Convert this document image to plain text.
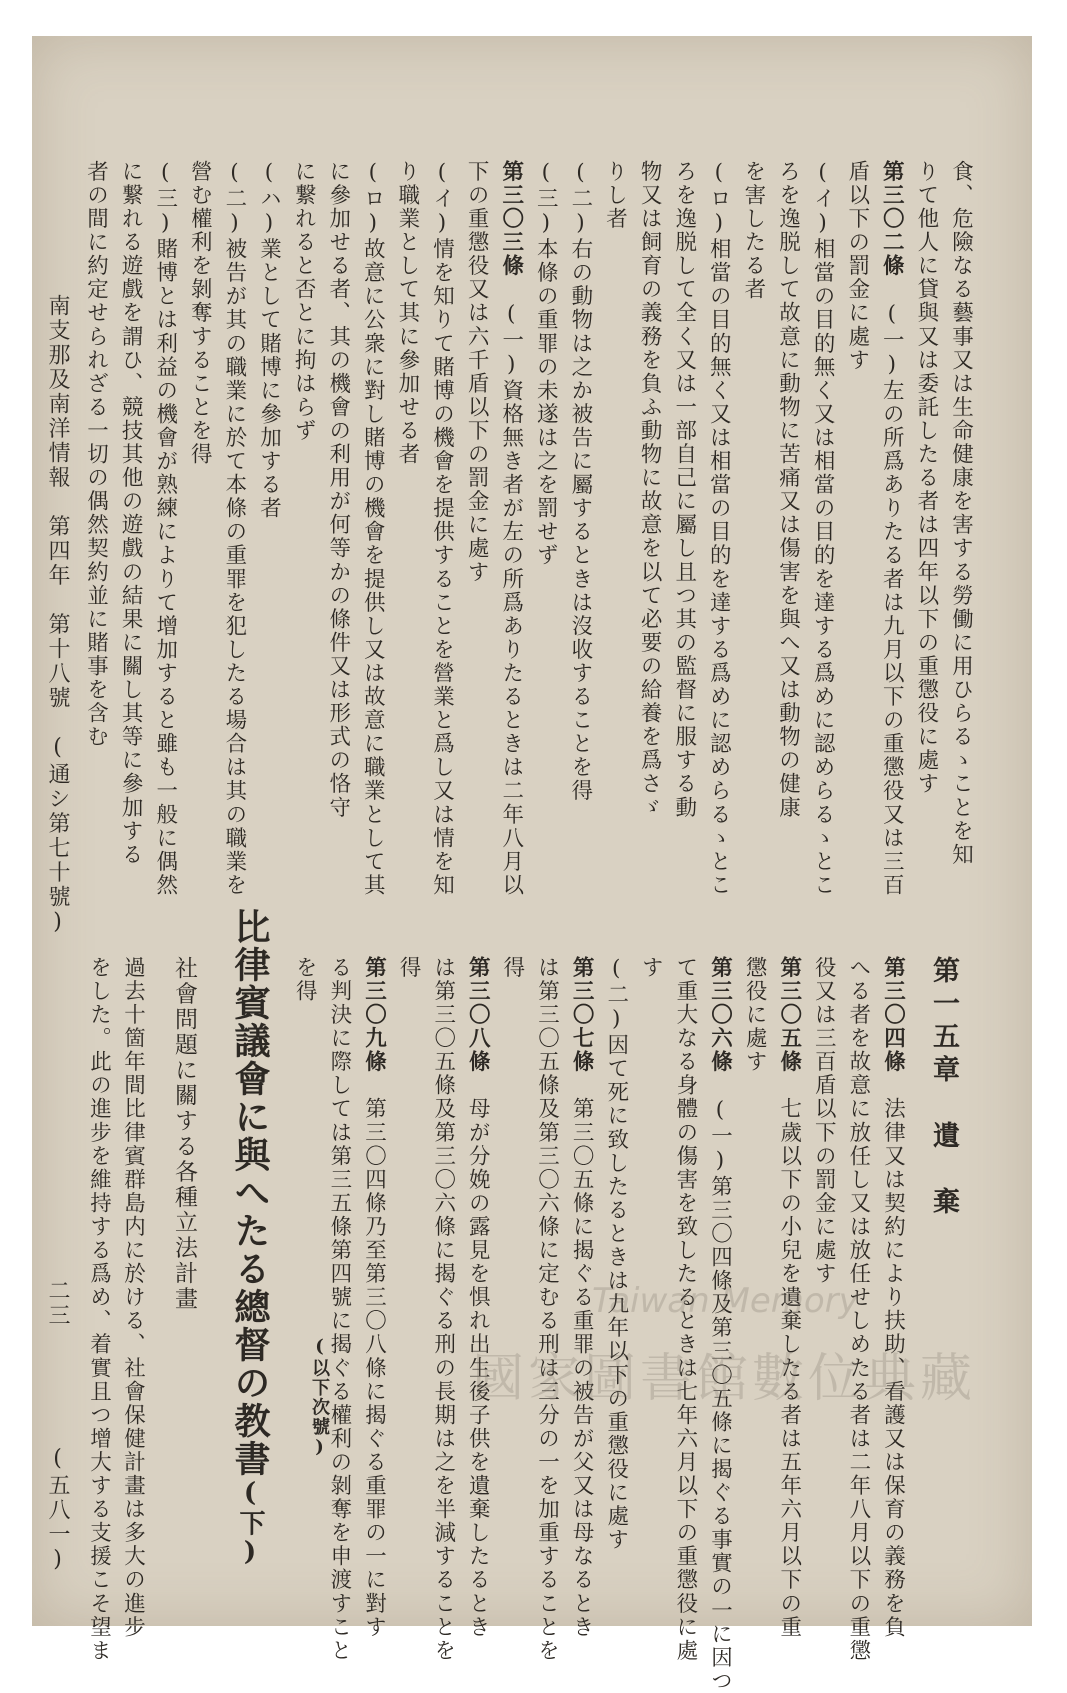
食、危險なる藝事又は生命健康を害する勞働に用ひらるゝことを知
りて他人に貸與又は委託したる者は四年以下の重懲役に處す
第三〇二條　(一)左の所爲ありたる者は九月以下の重懲役又は三百
盾以下の罰金に處す
(イ)相當の目的無く又は相當の目的を達する爲めに認めらるゝとこ
ろを逸脱して故意に動物に苦痛又は傷害を與へ又は動物の健康
を害したる者
(ロ)相當の目的無く又は相當の目的を達する爲めに認めらるゝとこ
ろを逸脱して全く又は一部自己に屬し且つ其の監督に服する動
物又は飼育の義務を負ふ動物に故意を以て必要の給養を爲さゞ
りし者
(二)右の動物は之か被告に屬するときは沒收することを得
(三)本條の重罪の未遂は之を罰せず
第三〇三條　(一)資格無き者が左の所爲ありたるときは二年八月以
下の重懲役又は六千盾以下の罰金に處す
(イ)情を知りて賭博の機會を提供することを營業と爲し又は情を知
り職業として其に參加せる者
(ロ)故意に公衆に對し賭博の機會を提供し又は故意に職業として其
に參加せる者、其の機會の利用が何等かの條件又は形式の恪守
に繋れると否とに拘はらず
(ハ)業として賭博に參加する者
(二)被告が其の職業に於て本條の重罪を犯したる場合は其の職業を
營む權利を剝奪することを得
(三)賭博とは利益の機會が熟練によりて增加すると雖も一般に偶然
に繋れる遊戲を謂ひ、競技其他の遊戲の結果に關し其等に參加する
者の間に約定せられざる一切の偶然契約並に賭事を含む
第一五章　遺　棄
第三〇四條　法律又は契約により扶助、看護又は保育の義務を負
へる者を故意に放任し又は放任せしめたる者は二年八月以下の重懲
役又は三百盾以下の罰金に處す
第三〇五條　七歲以下の小兒を遺棄したる者は五年六月以下の重
懲役に處す
第三〇六條　(一)第三〇四條及第三〇五條に揭ぐる事實の一に因つ
て重大なる身體の傷害を致したるときは七年六月以下の重懲役に處
す
(二)因て死に致したるときは九年以下の重懲役に處す
第三〇七條　第三〇五條に揭ぐる重罪の被告が父又は母なるとき
は第三〇五條及第三〇六條に定むる刑は三分の一を加重することを
得
第三〇八條　母が分娩の露見を惧れ出生後子供を遺棄したるとき
は第三〇五條及第三〇六條に揭ぐる刑の長期は之を半減することを
得
第三〇九條　第三〇四條乃至第三〇八條に揭ぐる重罪の一に對す
る判決に際しては第三五條第四號に揭ぐる權利の剝奪を申渡すこと
を得
(以下次號)
比律賓議會に與へたる總督の教書(下)
社會問題に關する各種立法計畫
過去十箇年間比律賓群島内に於ける、社會保健計畫は多大の進步
をした。此の進步を維持する爲め、着實且つ增大する支援こそ望ま
南支那及南洋情報　第四年　第十八號　(通シ第七十號)
二三
(五八一)
國家圖書館數位典藏
Taiwan Memory
